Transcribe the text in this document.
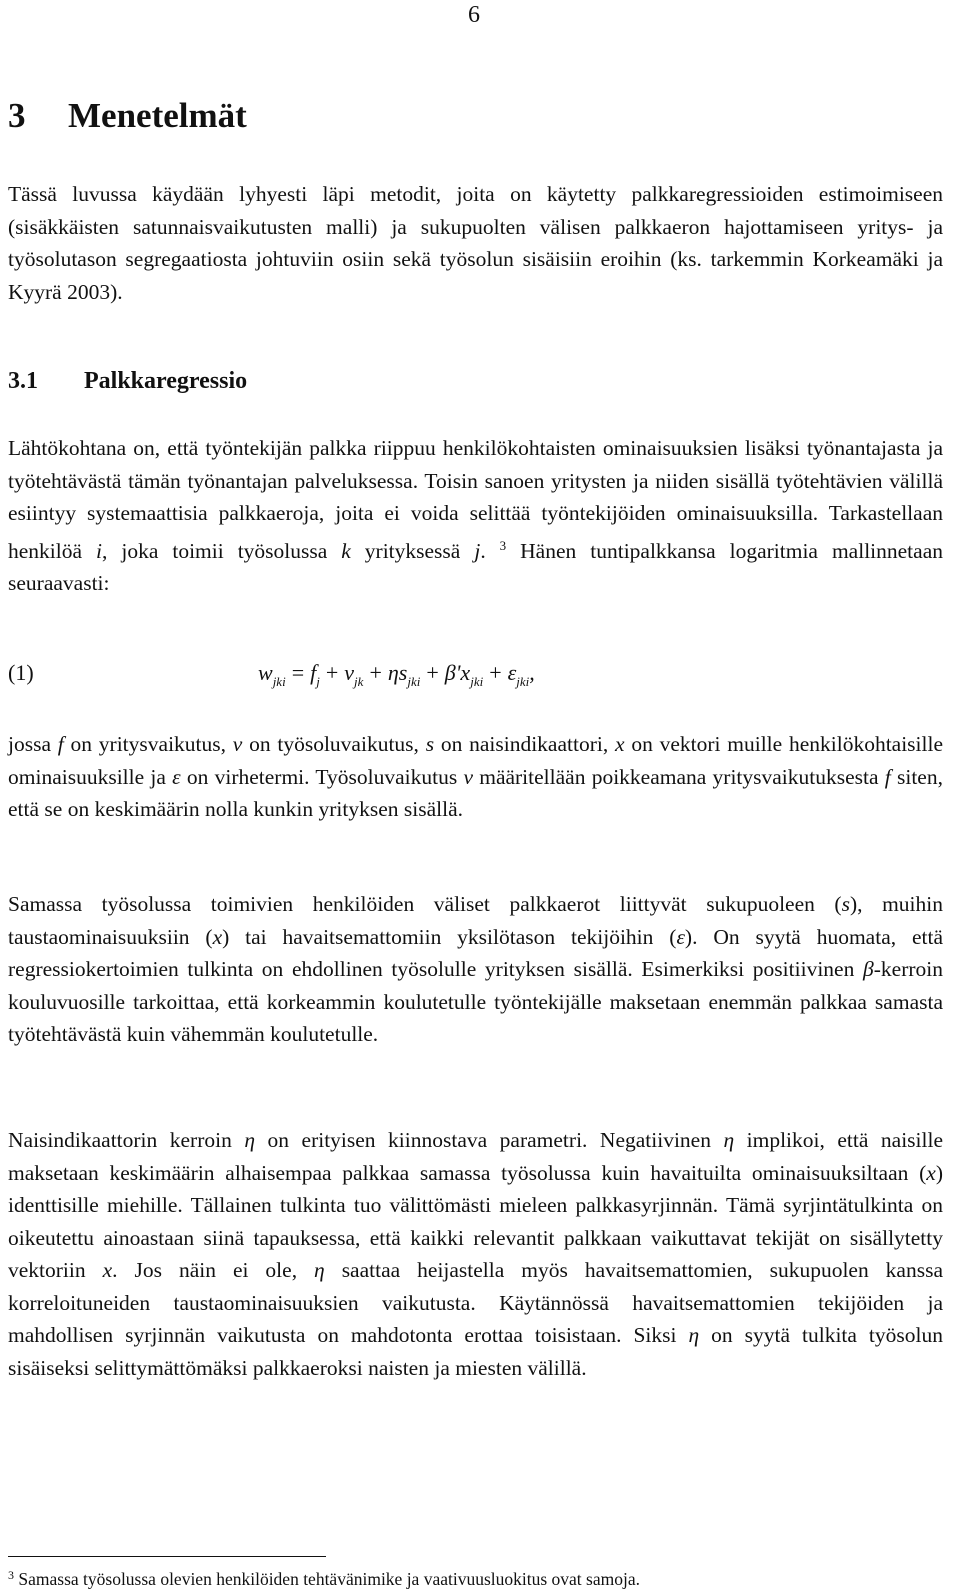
6
3 Menetelmät

Tässä luvussa käydään lyhyesti läpi metodit, joita on käytetty palkkaregressioiden estimoimiseen (sisäkkäisten satunnaisvaikutusten malli) ja sukupuolten välisen palkkaeron hajottamiseen yritys- ja työsolutason segregaatiosta johtuviin osiin sekä työsolun sisäisiin eroihin (ks. tarkemmin Korkeamäki ja Kyyrä 2003).

3.1 Palkkaregressio

Lähtökohtana on, että työntekijän palkka riippuu henkilökohtaisten ominaisuuksien lisäksi työnantajasta ja työtehtävästä tämän työnantajan palveluksessa. Toisin sanoen yritysten ja niiden sisällä työtehtävien välillä esiintyy systemaattisia palkkaeroja, joita ei voida selittää työntekijöiden ominaisuuksilla. Tarkastellaan henkilöä i, joka toimii työsolussa k yrityksessä j. $^3$ Hänen tuntipalkkansa logaritmia mallinnetaan seuraavasti:

(1)	$w_{jki} = f_j + v_{jk} + \eta s_{jki} + \beta'x_{jki} + \varepsilon_{jki}$,

jossa f on yritysvaikutus, v on työsoluvaikutus, s on naisindikaattori, x on vektori muille henkilökohtaisille ominaisuuksille ja ε on virhetermi. Työsoluvaikutus v määritellään poikkeamana yritysvaikutuksesta f siten, että se on keskimäärin nolla kunkin yrityksen sisällä.

Samassa työsolussa toimivien henkilöiden väliset palkkaerot liittyvät sukupuoleen (s), muihin taustaominaisuuksiin (x) tai havaitsemattomiin yksilötason tekijöihin (ε). On syytä huomata, että regressiokertoimien tulkinta on ehdollinen työsolulle yrityksen sisällä. Esimerkiksi positiivinen β-kerroin kouluvuosille tarkoittaa, että korkeammin koulutetulle työntekijälle maksetaan enemmän palkkaa samasta työtehtävästä kuin vähemmän koulutetulle.

Naisindikaattorin kerroin η on erityisen kiinnostava parametri. Negatiivinen η implikoi, että naisille maksetaan keskimäärin alhaisempaa palkkaa samassa työsolussa kuin havaituilta ominaisuuksiltaan (x) identtisille miehille. Tällainen tulkinta tuo välittömästi mieleen palkkasyrjinnän. Tämä syrjintätulkinta on oikeutettu ainoastaan siinä tapauksessa, että kaikki relevantit palkkaan vaikuttavat tekijät on sisällytetty vektoriin x. Jos näin ei ole, η saattaa heijastella myös havaitsemattomien, sukupuolen kanssa korreloituneiden taustaominaisuuksien vaikutusta. Käytännössä havaitsemattomien tekijöiden ja mahdollisen syrjinnän vaikutusta on mahdotonta erottaa toisistaan. Siksi η on syytä tulkita työsolun sisäiseksi selittymättömäksi palkkaeroksi naisten ja miesten välillä.

$^3$ Samassa työsolussa olevien henkilöiden tehtävänimike ja vaativuusluokitus ovat samoja.
